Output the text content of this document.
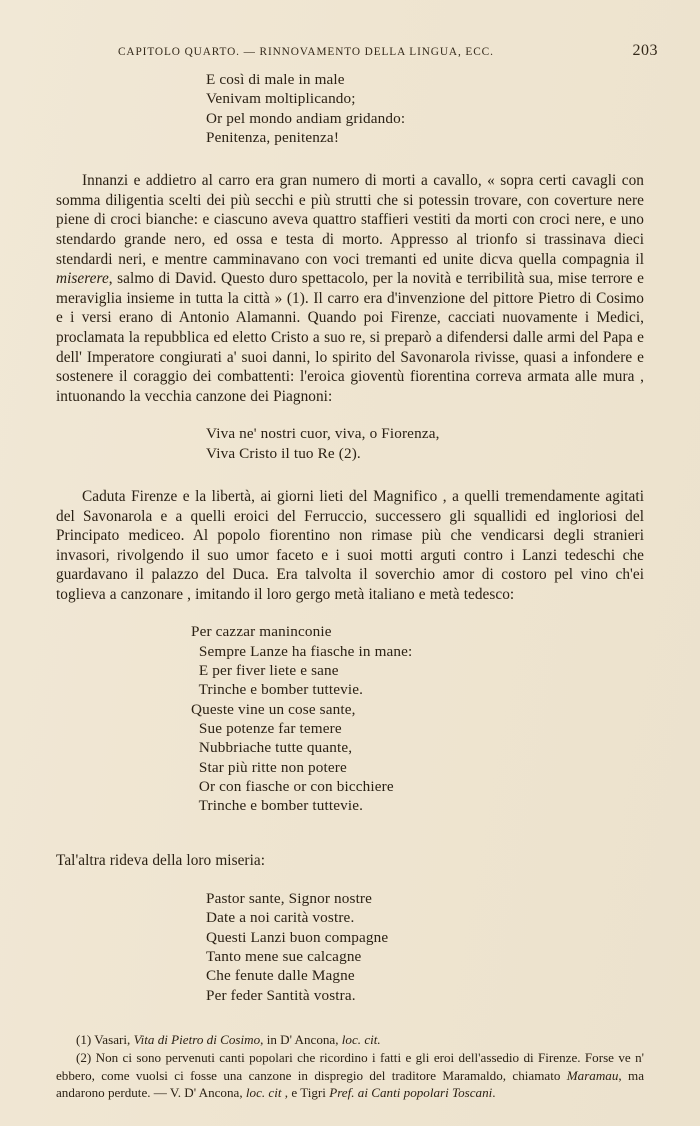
CAPITOLO QUARTO. — RINNOVAMENTO DELLA LINGUA, ECC.	203
E così di male in male
Venivam moltiplicando;
Or pel mondo andiam gridando:
Penitenza, penitenza!

Innanzi e addietro al carro era gran numero di morti a cavallo, « sopra certi cavagli con somma diligentia scelti dei più secchi e più strutti che si potessin trovare, con coverture nere piene di croci bianche: e ciascuno aveva quattro staffieri vestiti da morti con croci nere, e uno stendardo grande nero, ed ossa e testa di morto. Appresso al trionfo si trassinava dieci stendardi neri, e mentre camminavano con voci tremanti ed unite dicva quella compagnia il miserere, salmo di David. Questo duro spettacolo, per la novità e terribilità sua, mise terrore e meraviglia insieme in tutta la città » (1). Il carro era d'invenzione del pittore Pietro di Cosimo e i versi erano di Antonio Alamanni. Quando poi Firenze, cacciati nuovamente i Medici, proclamata la repubblica ed eletto Cristo a suo re, si preparò a difendersi dalle armi del Papa e dell' Imperatore congiurati a' suoi danni, lo spirito del Savonarola rivisse, quasi a infondere e sostenere il coraggio dei combattenti: l'eroica gioventù fiorentina correva armata alle mura , intuonando la vecchia canzone dei Piagnoni:

Viva ne' nostri cuor, viva, o Fiorenza,
Viva Cristo il tuo Re (2).

Caduta Firenze e la libertà, ai giorni lieti del Magnifico , a quelli tremendamente agitati del Savonarola e a quelli eroici del Ferruccio, successero gli squallidi ed ingloriosi del Principato mediceo. Al popolo fiorentino non rimase più che vendicarsi degli stranieri invasori, rivolgendo il suo umor faceto e i suoi motti arguti contro i Lanzi tedeschi che guardavano il palazzo del Duca. Era talvolta il soverchio amor di costoro pel vino ch'ei toglieva a canzonare , imitando il loro gergo metà italiano e metà tedesco:

Per cazzar maninconie
Sempre Lanze ha fiasche in mane:
E per fiver liete e sane
Trinche e bomber tuttevie.
Queste vine un cose sante,
Sue potenze far temere
Nubbriache tutte quante,
Star più ritte non potere
Or con fiasche or con bicchiere
Trinche e bomber tuttevie.

Tal'altra rideva della loro miseria:

Pastor sante, Signor nostre
Date a noi carità vostre.
Questi Lanzi buon compagne
Tanto mene sue calcagne
Che fenute dalle Magne
Per feder Santità vostra.

(1) Vasari, Vita di Pietro di Cosimo, in D' Ancona, loc. cit.

(2) Non ci sono pervenuti canti popolari che ricordino i fatti e gli eroi dell'assedio di Firenze. Forse ve n' ebbero, come vuolsi ci fosse una canzone in dispregio del traditore Maramaldo, chiamato Maramau, ma andarono perdute. — V. D' Ancona, loc. cit , e Tigri Pref. ai Canti popolari Toscani.
